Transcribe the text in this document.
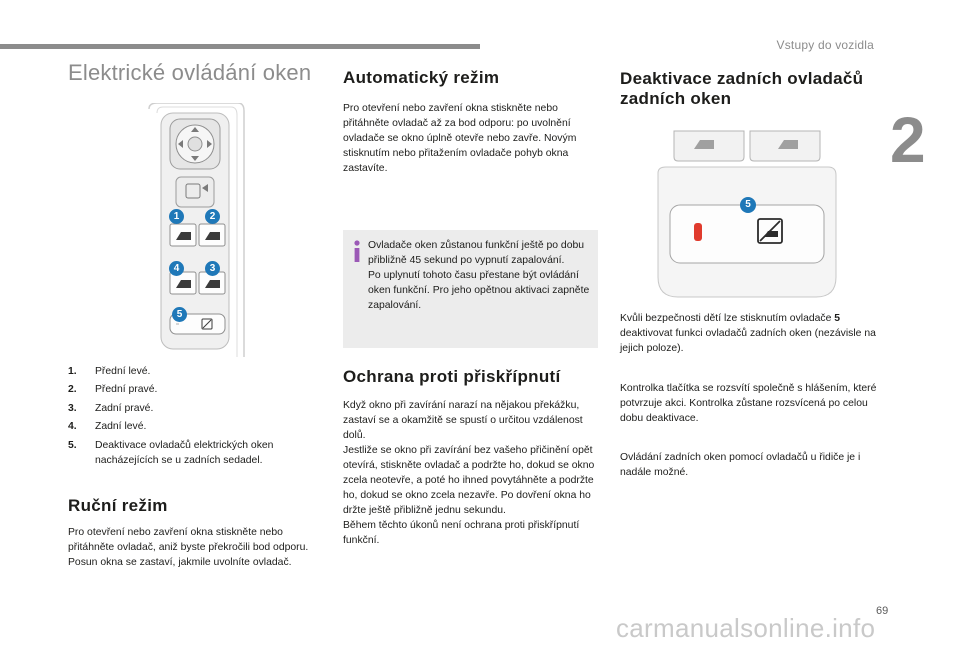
Vstupy do vozidla
2
Elektrické ovládání oken
1	2
4	3
5
1.	Přední levé.
2.	Přední pravé.
3.	Zadní pravé.
4.	Zadní levé.
5.	Deaktivace ovladačů elektrických oken nacházejících se u zadních sedadel.
Ruční režim

Pro otevření nebo zavření okna stiskněte nebo přitáhněte ovladač, aniž byste překročili bod odporu. Posun okna se zastaví, jakmile uvolníte ovladač.

Automatický režim

Pro otevření nebo zavření okna stiskněte nebo přitáhněte ovladač až za bod odporu: po uvolnění ovladače se okno úplně otevře nebo zavře. Novým stisknutím nebo přitažením ovladače pohyb okna zastavíte.

Ovladače oken zůstanou funkční ještě po dobu přibližně 45 sekund po vypnutí zapalování.

Po uplynutí tohoto času přestane být ovládání oken funkční. Pro jeho opětnou aktivaci zapněte zapalování.

Ochrana proti přiskřípnutí

Když okno při zavírání narazí na nějakou překážku, zastaví se a okamžitě se spustí o určitou vzdálenost dolů.

Jestliže se okno při zavírání bez vašeho přičinění opět otevírá, stiskněte ovladač a podržte ho, dokud se okno zcela neotevře, a poté ho ihned povytáhněte a podržte ho, dokud se okno zcela nezavře. Po dovření okna ho držte ještě přibližně jednu sekundu.

Během těchto úkonů není ochrana proti přiskřípnutí funkční.

Deaktivace zadních ovladačů zadních oken
5

Kvůli bezpečnosti dětí lze stisknutím ovladače 5 deaktivovat funkci ovladačů zadních oken (nezávisle na jejich poloze).

Kontrolka tlačítka se rozsvítí společně s hlášením, které potvrzuje akci. Kontrolka zůstane rozsvícená po celou dobu deaktivace.

Ovládání zadních oken pomocí ovladačů u řidiče je i nadále možné.

carmanualsonline.info
69
